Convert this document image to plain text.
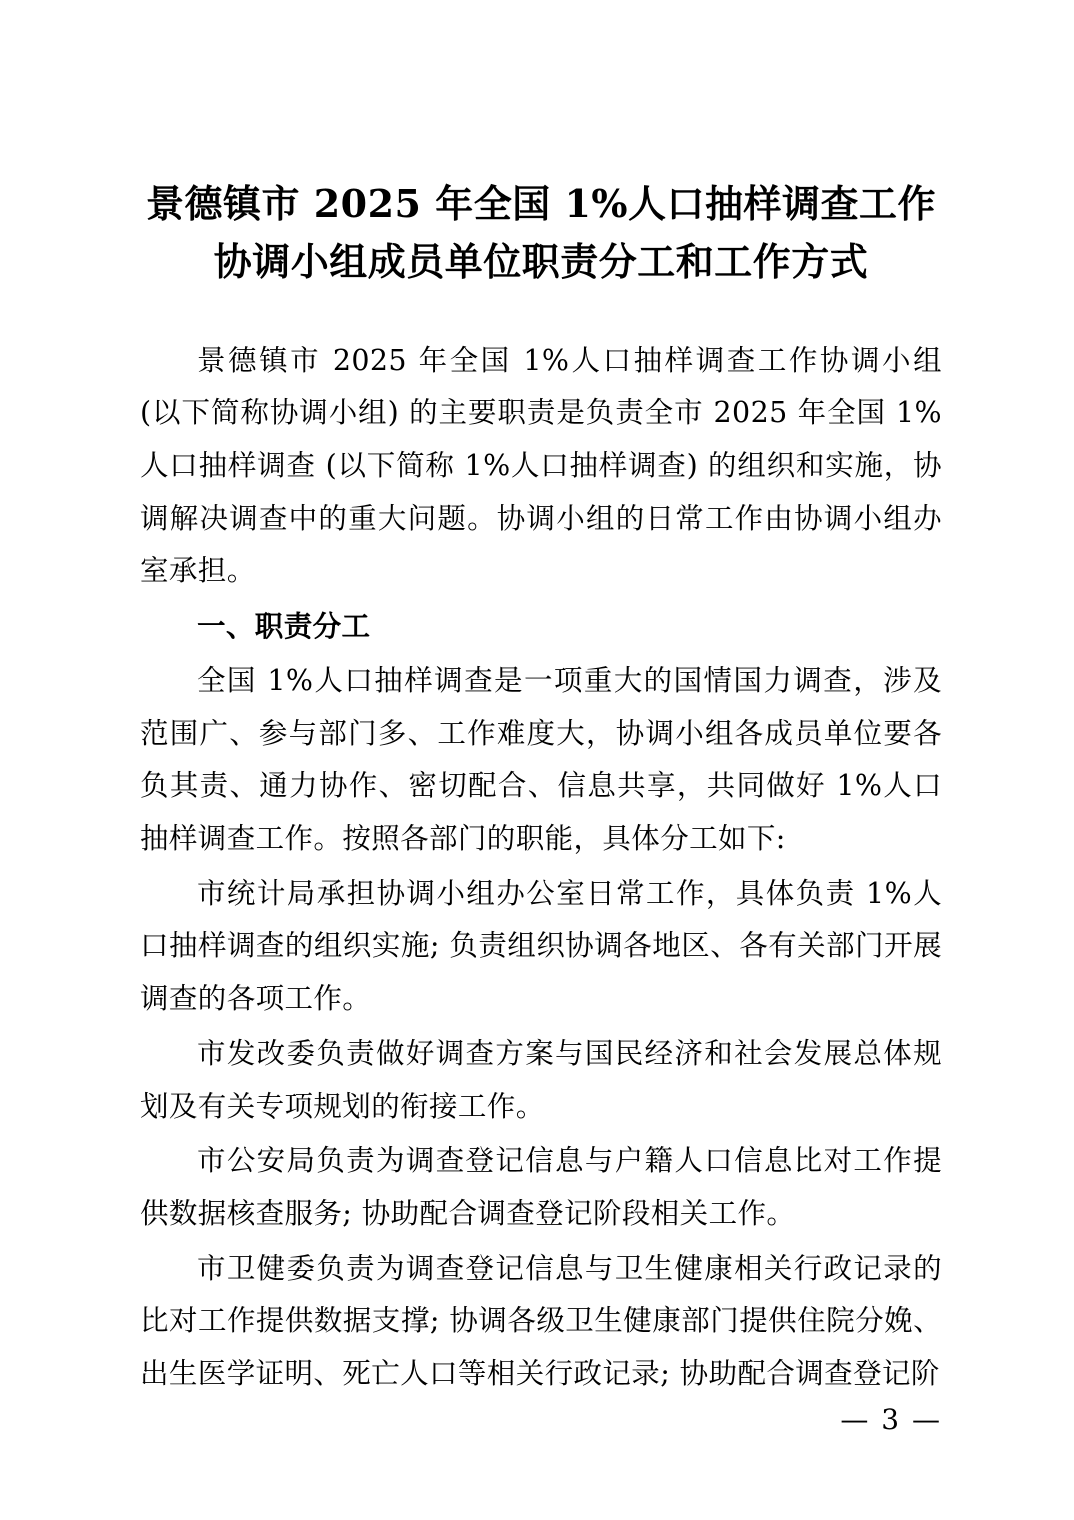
景德镇市 2025 年全国 1%人口抽样调查工作协调小组成员单位职责分工和工作方式

景德镇市 2025 年全国 1%人口抽样调查工作协调小组 (以下简称协调小组) 的主要职责是负责全市 2025 年全国 1%人口抽样调查 (以下简称 1%人口抽样调查) 的组织和实施，协调解决调查中的重大问题。协调小组的日常工作由协调小组办室承担。

一、职责分工

全国 1%人口抽样调查是一项重大的国情国力调查，涉及范围广、参与部门多、工作难度大，协调小组各成员单位要各负其责、通力协作、密切配合、信息共享，共同做好 1%人口抽样调查工作。按照各部门的职能，具体分工如下:

市统计局承担协调小组办公室日常工作，具体负责 1%人口抽样调查的组织实施; 负责组织协调各地区、各有关部门开展调查的各项工作。

市发改委负责做好调查方案与国民经济和社会发展总体规划及有关专项规划的衔接工作。

市公安局负责为调查登记信息与户籍人口信息比对工作提供数据核查服务; 协助配合调查登记阶段相关工作。

市卫健委负责为调查登记信息与卫生健康相关行政记录的比对工作提供数据支撑; 协调各级卫生健康部门提供住院分娩、出生医学证明、死亡人口等相关行政记录; 协助配合调查登记阶

— 3 —
